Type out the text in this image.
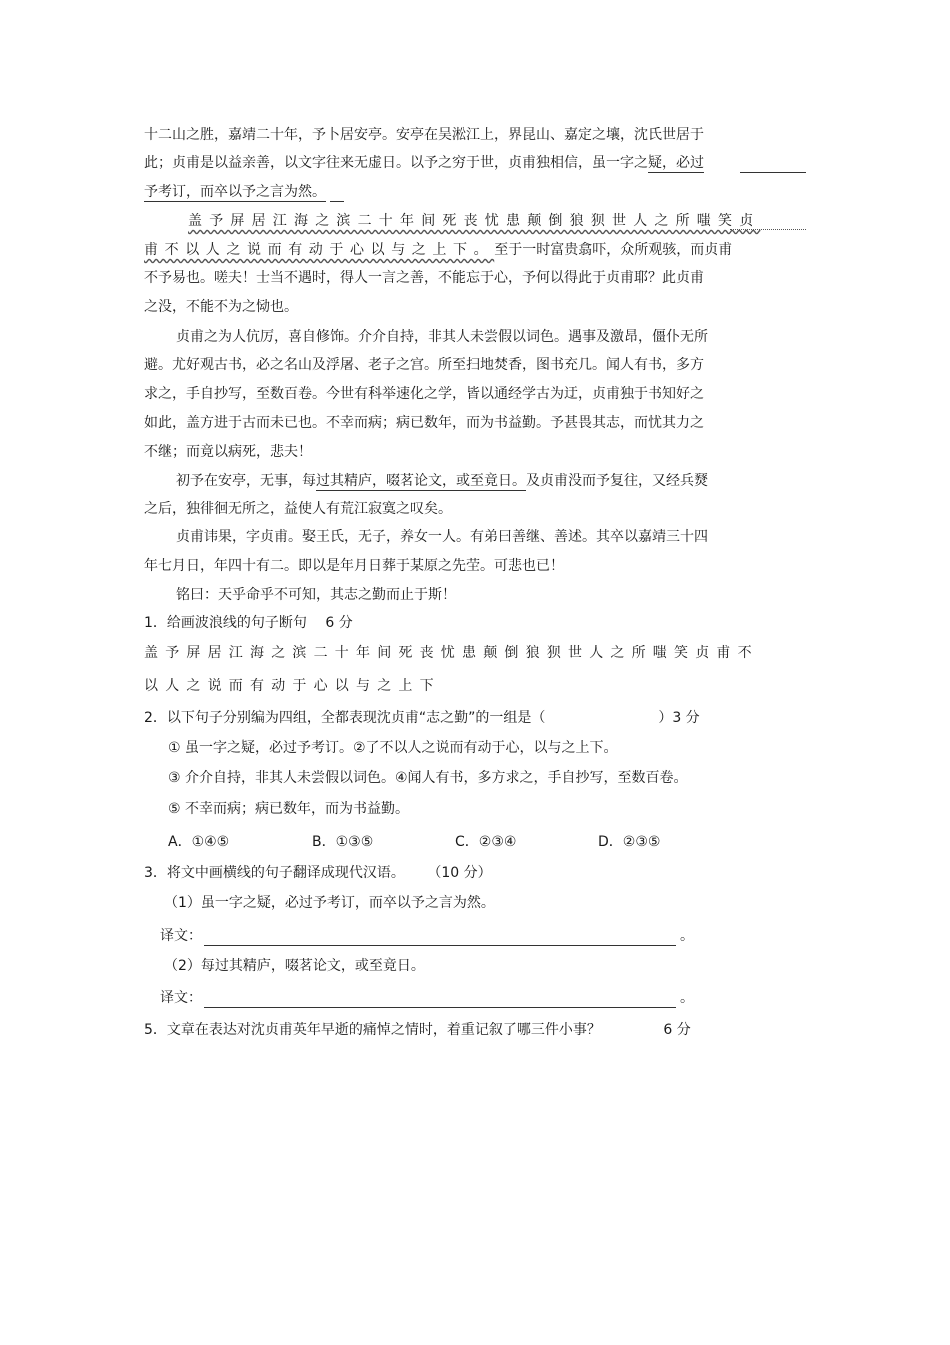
十二山之胜，嘉靖二十年，予卜居安亭。安亭在吴淞江上，界昆山、嘉定之壤，沈氏世居于
此；贞甫是以益亲善，以文字往来无虚日。以予之穷于世，贞甫独相信，虽一字之疑，必过
予考订，而卒以予之言为然。
盖予屏居江海之滨二十年间死丧忧患颠倒狼狈世人之所嗤笑贞
甫不以人之说而有动于心以与之上下。至于一时富贵翕吓，众所观骇，而贞甫
不予易也。嗟夫！士当不遇时，得人一言之善，不能忘于心，予何以得此于贞甫耶？此贞甫
之没，不能不为之恸也。
贞甫之为人伉厉，喜自修饰。介介自持，非其人未尝假以词色。遇事及激昂，僵仆无所
避。尤好观古书，必之名山及浮屠、老子之宫。所至扫地焚香，图书充几。闻人有书，多方
求之，手自抄写，至数百卷。今世有科举速化之学，皆以通经学古为迂，贞甫独于书知好之
如此，盖方进于古而未已也。不幸而病；病已数年，而为书益勤。予甚畏其志，而忧其力之
不继；而竟以病死，悲夫！
初予在安亭，无事，每过其精庐，啜茗论文，或至竟日。及贞甫没而予复往，又经兵燹
之后，独徘徊无所之，益使人有荒江寂寞之叹矣。
贞甫讳果，字贞甫。娶王氏，无子，养女一人。有弟曰善继、善述。其卒以嘉靖三十四
年七月日，年四十有二。即以是年月日葬于某原之先茔。可悲也已！
铭曰：天乎命乎不可知，其志之勤而止于斯！
1．给画波浪线的句子断句 6 分
盖予屏居江海之滨二十年间死丧忧患颠倒狼狈世人之所嗤笑贞甫不
以人之说而有动于心以与之上下
2．以下句子分别编为四组，全都表现沈贞甫“志之勤”的一组是（	）3 分
① 虽一字之疑，必过予考订。②了不以人之说而有动于心，以与之上下。
③ 介介自持，非其人未尝假以词色。④闻人有书，多方求之，手自抄写，至数百卷。
⑤ 不幸而病；病已数年，而为书益勤。
A．①④⑤	B．①③⑤	C．②③④	D．②③⑤
3．将文中画横线的句子翻译成现代汉语。 （10 分）
（1）虽一字之疑，必过予考订，而卒以予之言为然。
译文：	。
（2）每过其精庐，啜茗论文，或至竟日。
译文：	。
5．文章在表达对沈贞甫英年早逝的痛悼之情时，着重记叙了哪三件小事？	6 分
